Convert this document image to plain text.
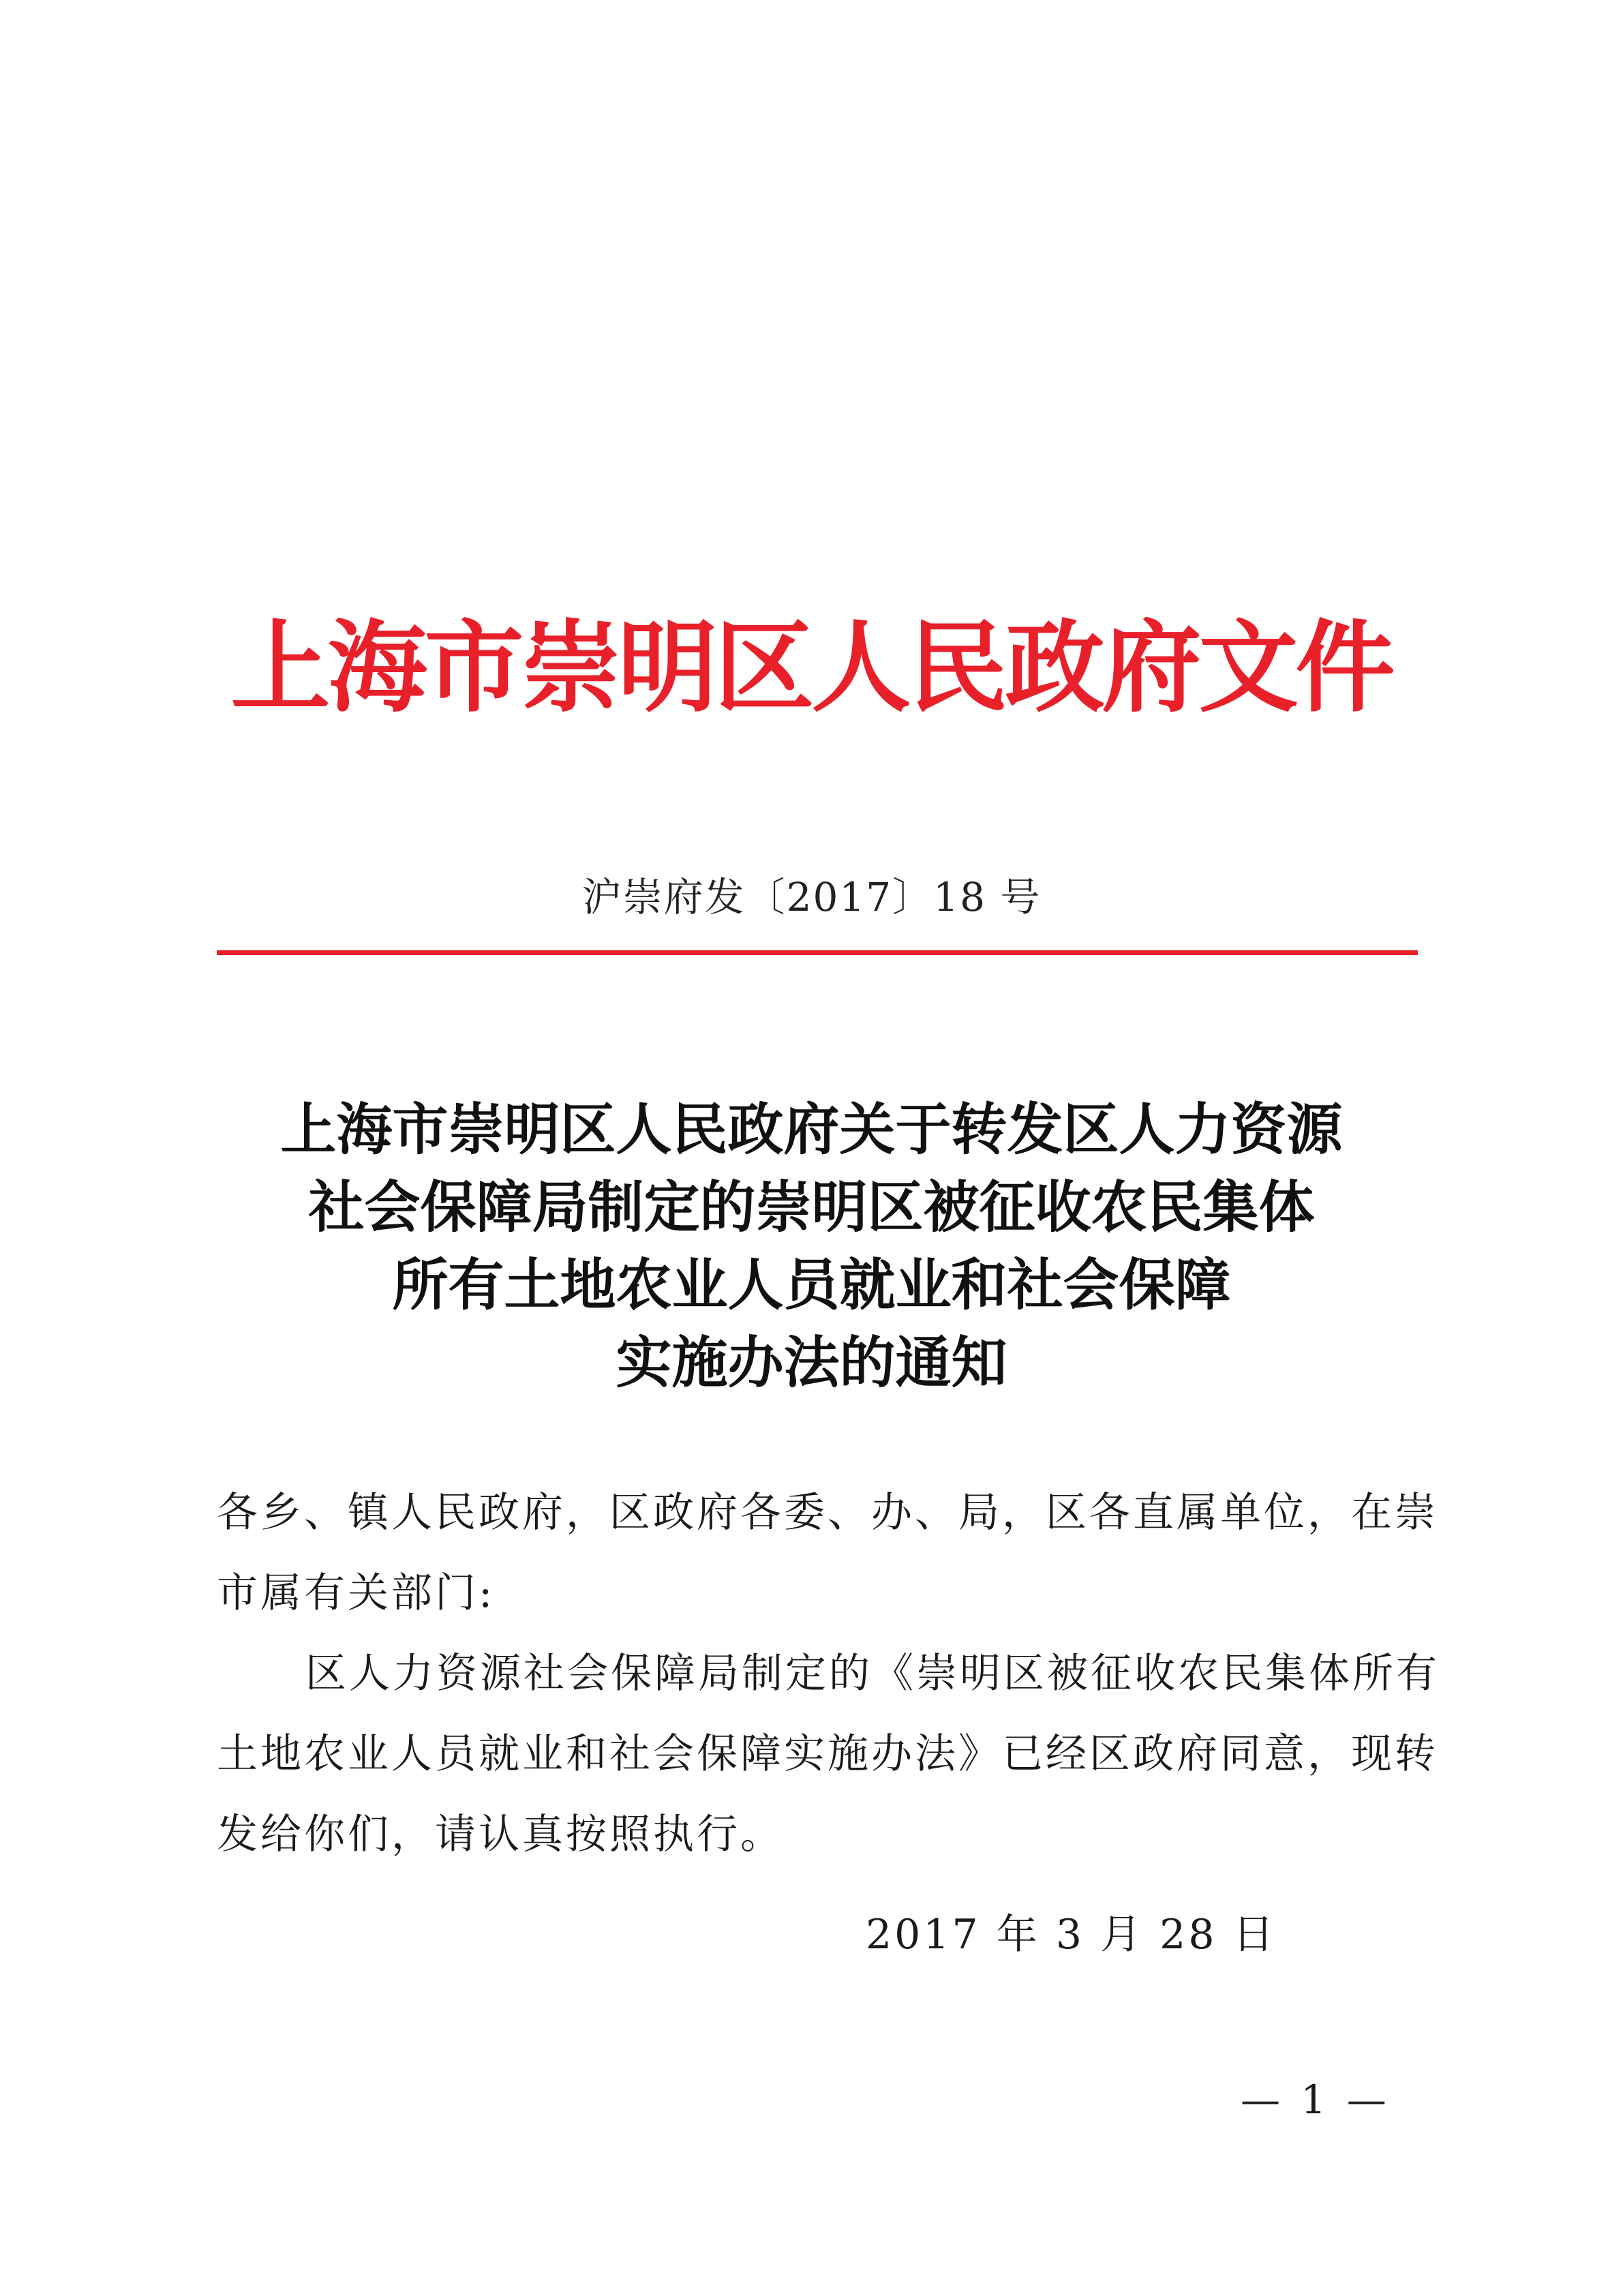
上海市崇明区人民政府文件
沪崇府发〔2017〕18 号
上海市崇明区人民政府关于转发区人力资源
社会保障局制定的崇明区被征收农民集体
所有土地农业人员就业和社会保障
实施办法的通知
各乡、镇人民政府，区政府各委、办、局，区各直属单位，在崇
市属有关部门:
区人力资源社会保障局制定的《崇明区被征收农民集体所有
土地农业人员就业和社会保障实施办法》已经区政府同意，现转
发给你们，请认真按照执行。
2017 年 3 月 28 日
— 1 —
